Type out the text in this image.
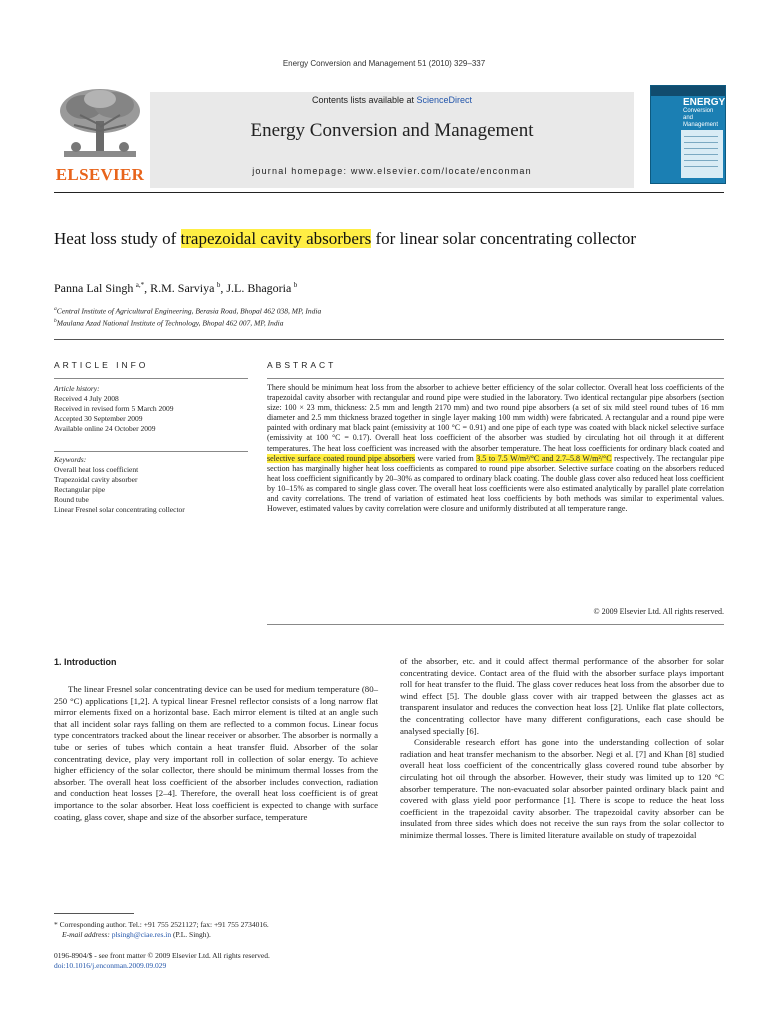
Energy Conversion and Management 51 (2010) 329–337
ELSEVIER
Contents lists available at ScienceDirect
Energy Conversion and Management
journal homepage: www.elsevier.com/locate/enconman
ENERGY
Conversion and Management
Heat loss study of trapezoidal cavity absorbers for linear solar concentrating collector
Panna Lal Singh  $^{a,*}$, R.M. Sarviya  $^b$, J.L. Bhagoria  $^b$
$^a$Central Institute of Agricultural Engineering, Berasia Road, Bhopal 462 038, MP, India
$^b$Maulana Azad National Institute of Technology, Bhopal 462 007, MP, India
ARTICLE INFO
Article history:
Received 4 July 2008
Received in revised form 5 March 2009
Accepted 30 September 2009
Available online 24 October 2009
Keywords:
Overall heat loss coefficient
Trapezoidal cavity absorber
Rectangular pipe
Round tube
Linear Fresnel solar concentrating collector
ABSTRACT
There should be minimum heat loss from the absorber to achieve better efficiency of the solar collector. Overall heat loss coefficients of the trapezoidal cavity absorber with rectangular and round pipe were studied in the laboratory. Two identical rectangular pipe absorbers (section size: 100 × 23 mm, thickness: 2.5 mm and length 2170 mm) and two round pipe absorbers (a set of six mild steel round tubes of 16 mm diameter and 2.5 mm thickness brazed together in single layer making 100 mm width) were fabricated. A rectangular and a round pipe were painted with ordinary mat black paint (emissivity at 100 °C = 0.91) and one pipe of each type was coated with black nickel selective surface (emissivity at 100 °C = 0.17). Overall heat loss coefficient of the absorber was studied by circulating hot oil through it at different temperatures. The heat loss coefficient was increased with the absorber temperature. The heat loss coefficients for ordinary black coated and selective surface coated round pipe absorbers were varied from 3.5 to 7.5 W/m²/°C and 2.7–5.8 W/m²/°C respectively. The rectangular pipe section has marginally higher heat loss coefficients as compared to round pipe absorber. Selective surface coating on the absorbers reduced heat loss coefficient significantly by 20–30% as compared to ordinary black coating. The double glass cover also reduced heat loss coefficient by 10–15% as compared to single glass cover. The overall heat loss coefficients were also estimated analytically by parallel plate correlation and cavity correlations. The trend of variation of estimated heat loss coefficients by both methods was similar to experimental values. However, estimated values by cavity correlation were closure and uniformly distributed at all temperature range.
© 2009 Elsevier Ltd. All rights reserved.
1. Introduction

The linear Fresnel solar concentrating device can be used for medium temperature (80–250 °C) applications [1,2]. A typical linear Fresnel reflector consists of a long narrow flat mirror elements fixed on a horizontal base. Each mirror element is tilted at an angle such that all incident solar rays falling on them are reflected to a common focus. Linear focus type concentrators tracked about the linear receiver or absorber. The absorber is normally a tube or series of tubes which contain a heat transfer fluid. Absorber of the solar concentrating device, play very important roll in collection of solar energy. To achieve higher efficiency of the solar collector, there should be minimum thermal losses from the absorber. The overall heat loss coefficient of the absorber includes convection, radiation and conduction heat losses [2–4]. Therefore, the overall heat loss coefficient is of great importance to the solar absorber. Heat loss coefficient is expected to change with surface coating, glass cover, shape and size of the absorber surface, temperature

of the absorber, etc. and it could affect thermal performance of the absorber for solar concentrating device. Contact area of the fluid with the absorber surface plays important roll for heat transfer to the fluid. The glass cover reduces heat loss from the absorber due to wind effect [5]. The double glass cover with air trapped between the glasses act as transparent insulator and reduces the convection heat loss [2]. Unlike flat plate collectors, the concentrating collector have many different configurations, each case should be analysed specially [6].

Considerable research effort has gone into the understanding collection of solar radiation and heat transfer mechanism to the absorber. Negi et al. [7] and Khan [8] studied overall heat loss coefficient of the concentrically glass covered round tube absorber by circulating hot oil through the absorber. However, their study was limited up to 120 °C absorber temperature. The non-evacuated solar absorber painted ordinary black paint and covered with glass yield poor performance [1]. There is scope to reduce the heat loss coefficient in the trapezoidal cavity absorber. The trapezoidal cavity absorber can be insulated from three sides which does not receive the sun rays from the solar collector to minimize thermal losses. There is limited literature available on study of trapezoidal

* Corresponding author. Tel.: +91 755 2521127; fax: +91 755 2734016.
E-mail address: plsingh@ciae.res.in (P.L. Singh).
0196-8904/$ - see front matter © 2009 Elsevier Ltd. All rights reserved.
doi:10.1016/j.enconman.2009.09.029
